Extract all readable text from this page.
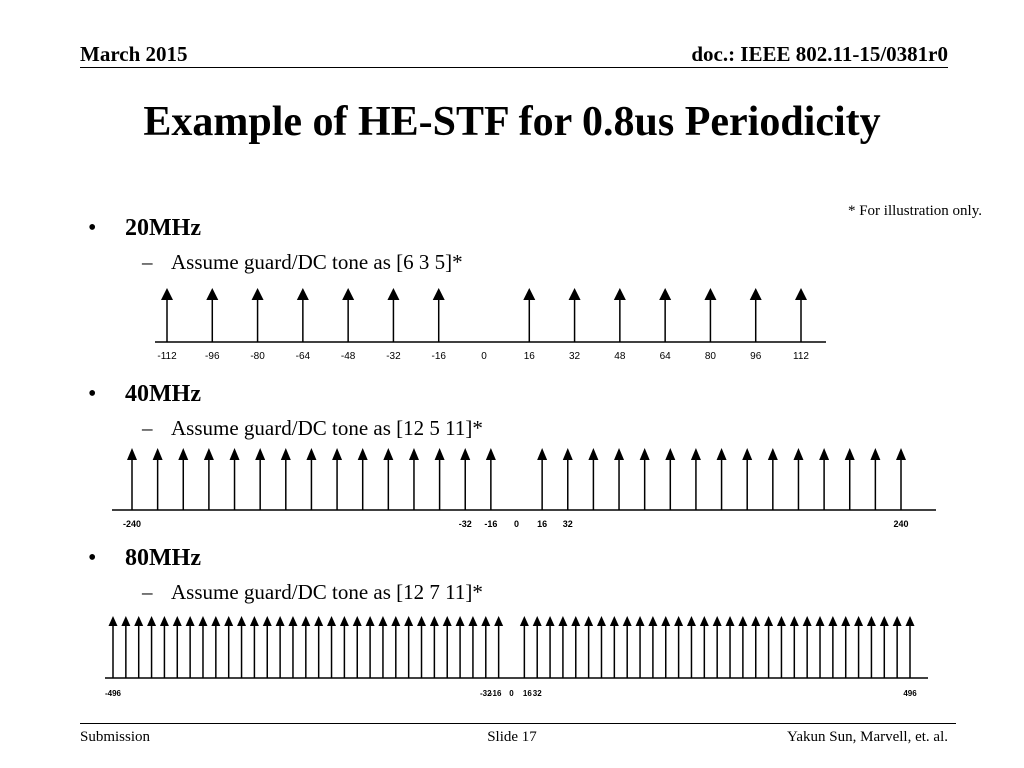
March 2015	doc.: IEEE 802.11-15/0381r0
Example of HE-STF for 0.8us Periodicity
* For illustration only.
• 20MHz
– Assume guard/DC tone as [6 3 5]*
-112	-96	-80	-64	-48	-32	-16	0	16	32	48	64	80	96	112
• 40MHz
– Assume guard/DC tone as [12 5 11]*
-240	-32 -16 0 16 32	240
• 80MHz
– Assume guard/DC tone as [12 7 11]*
-496	-32
-16 0 16 32	496
Submission	Slide 17	Yakun Sun, Marvell, et. al.
